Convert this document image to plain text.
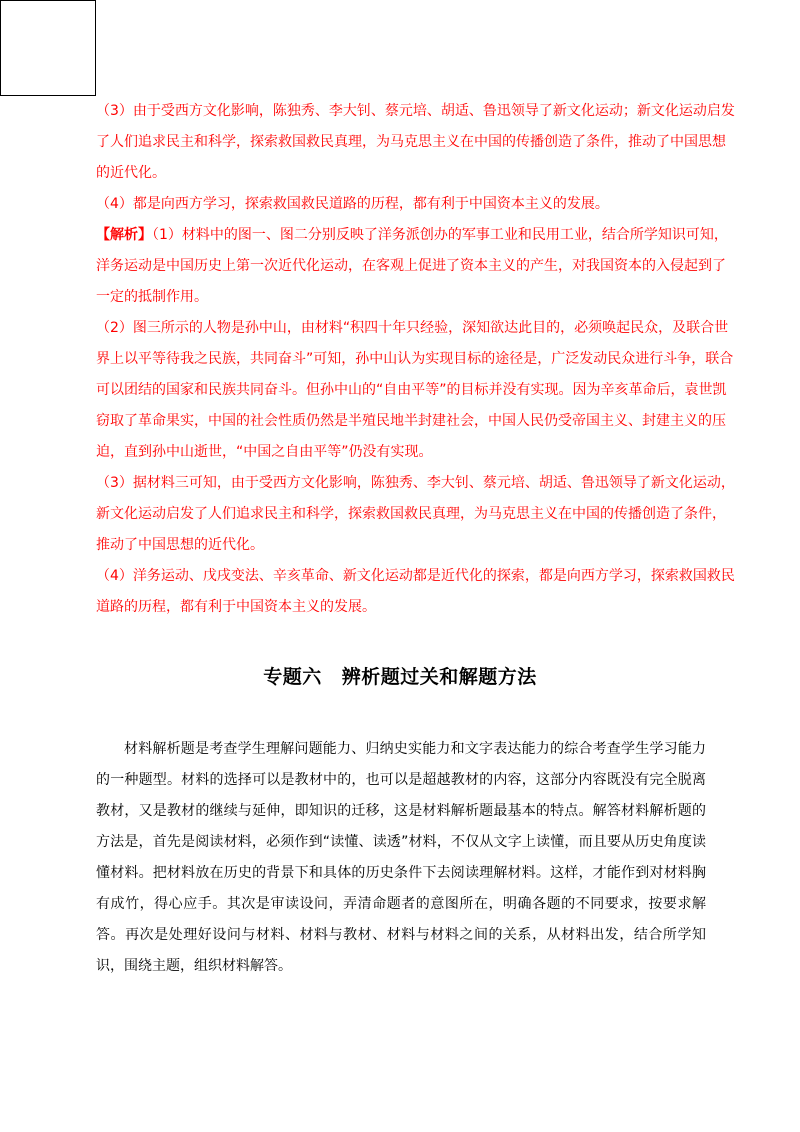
（3）由于受西方文化影响，陈独秀、李大钊、蔡元培、胡适、鲁迅领导了新文化运动；新文化运动启发了人们追求民主和科学，探索救国救民真理，为马克思主义在中国的传播创造了条件，推动了中国思想的近代化。

（4）都是向西方学习，探索救国救民道路的历程，都有利于中国资本主义的发展。

【解析】（1）材料中的图一、图二分别反映了洋务派创办的军事工业和民用工业，结合所学知识可知，洋务运动是中国历史上第一次近代化运动，在客观上促进了资本主义的产生，对我国资本的入侵起到了一定的抵制作用。

（2）图三所示的人物是孙中山，由材料“积四十年只经验，深知欲达此目的，必须唤起民众，及联合世界上以平等待我之民族，共同奋斗”可知，孙中山认为实现目标的途径是，广泛发动民众进行斗争，联合可以团结的国家和民族共同奋斗。但孙中山的“自由平等”的目标并没有实现。因为辛亥革命后，袁世凯窃取了革命果实，中国的社会性质仍然是半殖民地半封建社会，中国人民仍受帝国主义、封建主义的压迫，直到孙中山逝世，“中国之自由平等”仍没有实现。

（3）据材料三可知，由于受西方文化影响，陈独秀、李大钊、蔡元培、胡适、鲁迅领导了新文化运动，新文化运动启发了人们追求民主和科学，探索救国救民真理，为马克思主义在中国的传播创造了条件，推动了中国思想的近代化。

（4）洋务运动、戊戌变法、辛亥革命、新文化运动都是近代化的探索，都是向西方学习，探索救国救民道路的历程，都有利于中国资本主义的发展。

专题六 辨析题过关和解题方法

材料解析题是考查学生理解问题能力、归纳史实能力和文字表达能力的综合考查学生学习能力的一种题型。材料的选择可以是教材中的，也可以是超越教材的内容，这部分内容既没有完全脱离教材，又是教材的继续与延伸，即知识的迁移，这是材料解析题最基本的特点。解答材料解析题的方法是，首先是阅读材料，必须作到“读懂、读透”材料，不仅从文字上读懂，而且要从历史角度读懂材料。把材料放在历史的背景下和具体的历史条件下去阅读理解材料。这样，才能作到对材料胸有成竹，得心应手。其次是审读设问，弄清命题者的意图所在，明确各题的不同要求，按要求解答。再次是处理好设问与材料、材料与教材、材料与材料之间的关系，从材料出发，结合所学知识，围绕主题，组织材料解答。
